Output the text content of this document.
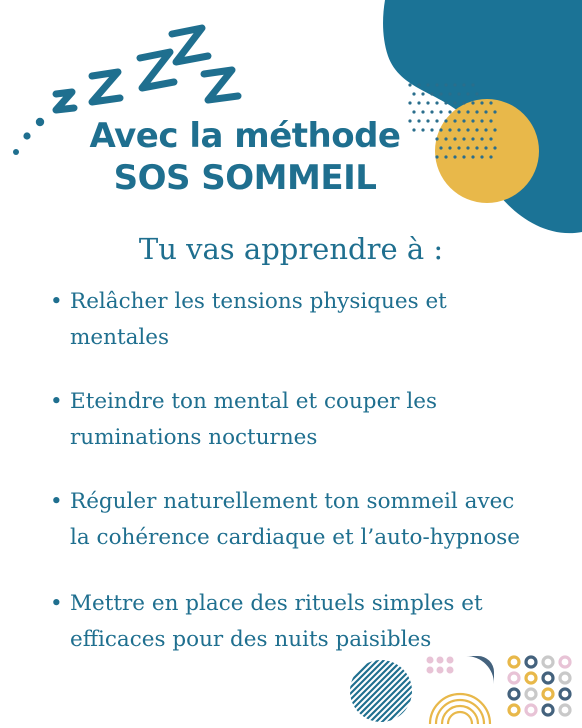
Avec la méthode
SOS SOMMEIL
Tu vas apprendre à :
• Relâcher les tensions physiques et mentales
• Eteindre ton mental et couper les ruminations nocturnes
• Réguler naturellement ton sommeil avec la cohérence cardiaque et l’auto-hypnose
• Mettre en place des rituels simples et efficaces pour des nuits paisibles
